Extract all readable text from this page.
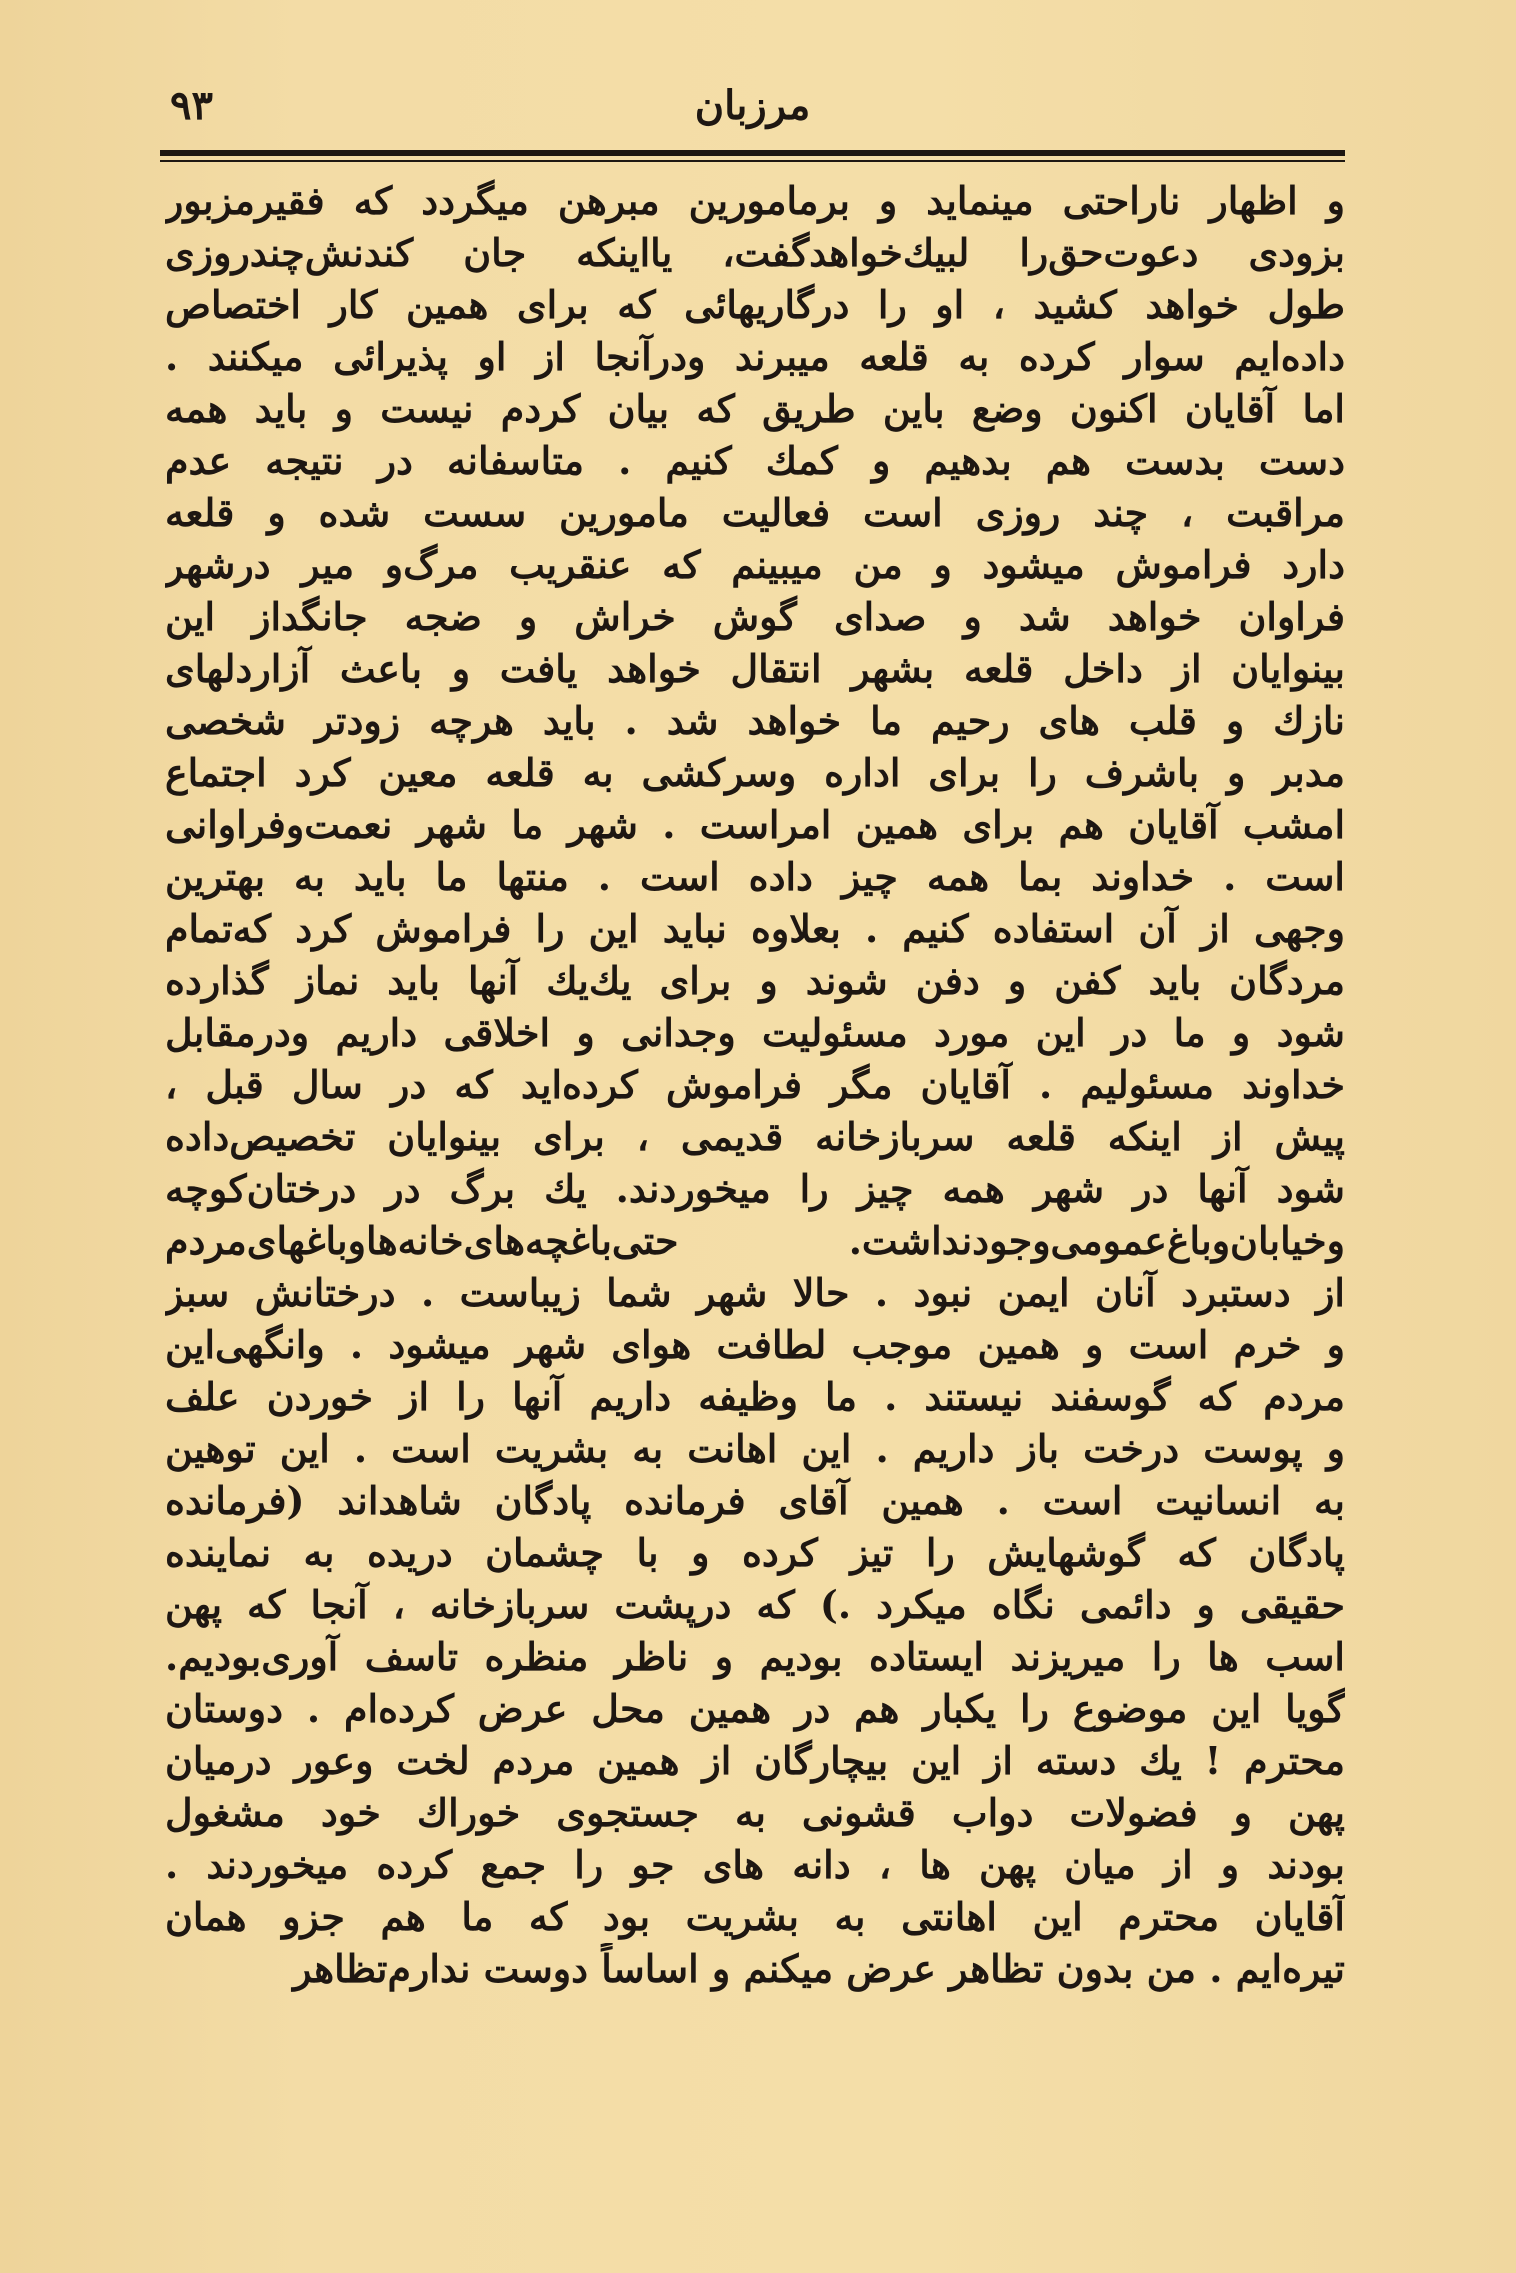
۹۳	مرزبان
و اظهار ناراحتی مینماید و برمامورین مبرهن میگردد که فقیرمزبور
بزودی دعوت‌حق‌را لبیك‌خواهدگفت، یااینکه جان کندنش‌چندروزی
طول خواهد کشید ، او را درگاریهائی که برای همین کار اختصاص
داده‌ایم سوار کرده به قلعه میبرند ودرآنجا از او پذیرائی میکنند .
اما آقایان اکنون وضع باین طریق که بیان کردم نیست و باید همه
دست بدست هم بدهیم و کمك کنیم . متاسفانه در نتیجه عدم
مراقبت ، چند روزی است فعالیت مامورین سست شده و قلعه
دارد فراموش میشود و من میبینم که عنقریب مرگ‌و میر درشهر
فراوان خواهد شد و صدای گوش خراش و ضجه جانگداز این
بینوایان از داخل قلعه بشهر انتقال خواهد یافت و باعث آزاردلهای
نازك و قلب های رحیم ما خواهد شد . باید هرچه زودتر شخصی
مدبر و باشرف را برای اداره وسرکشی به قلعه معین کرد اجتماع
امشب آقایان هم برای همین امراست . شهر ما شهر نعمت‌وفراوانی
است . خداوند بما همه چیز داده است . منتها ما باید به بهترین
وجهی از آن استفاده کنیم . بعلاوه نباید این را فراموش کرد که‌تمام
مردگان باید کفن و دفن شوند و برای یك‌یك آنها باید نماز گذارده
شود و ما در این مورد مسئولیت وجدانی و اخلاقی داریم ودرمقابل
خداوند مسئولیم . آقایان مگر فراموش کرده‌اید که در سال قبل ،
پیش از اینکه قلعه سربازخانه قدیمی ، برای بینوایان تخصیص‌داده
شود آنها در شهر همه چیز را میخوردند. یك برگ در درختان‌کوچه
وخیابان‌وباغ‌عمومی‌وجودنداشت. حتی‌باغچه‌های‌خانه‌هاوباغهای‌مردم
از دستبرد آنان ایمن نبود . حالا شهر شما زیباست . درختانش سبز
و خرم است و همین موجب لطافت هوای شهر میشود . وانگهی‌این
مردم که گوسفند نیستند . ما وظیفه داریم آنها را از خوردن علف
و پوست درخت باز داریم . این اهانت به بشریت است . این توهین
به انسانیت است . همین آقای فرمانده پادگان شاهداند (فرمانده
پادگان که گوشهایش را تیز کرده و با چشمان دریده به نماینده
حقیقی و دائمی نگاه میکرد .) که درپشت سربازخانه ، آنجا که پهن
اسب ها را میریزند ایستاده بودیم و ناظر منظره تاسف آوری‌بودیم.
گویا این موضوع را یکبار هم در همین محل عرض کرده‌ام . دوستان
محترم ! یك دسته از این بیچارگان از همین مردم لخت وعور درمیان
پهن و فضولات دواب قشونی به جستجوی خوراك خود مشغول
بودند و از میان پهن ها ، دانه های جو را جمع کرده میخوردند .
آقایان محترم این اهانتی به بشریت بود که ما هم جزو همان
تیره‌ایم . من بدون تظاهر عرض میکنم و اساساً دوست ندارم‌تظاهر
